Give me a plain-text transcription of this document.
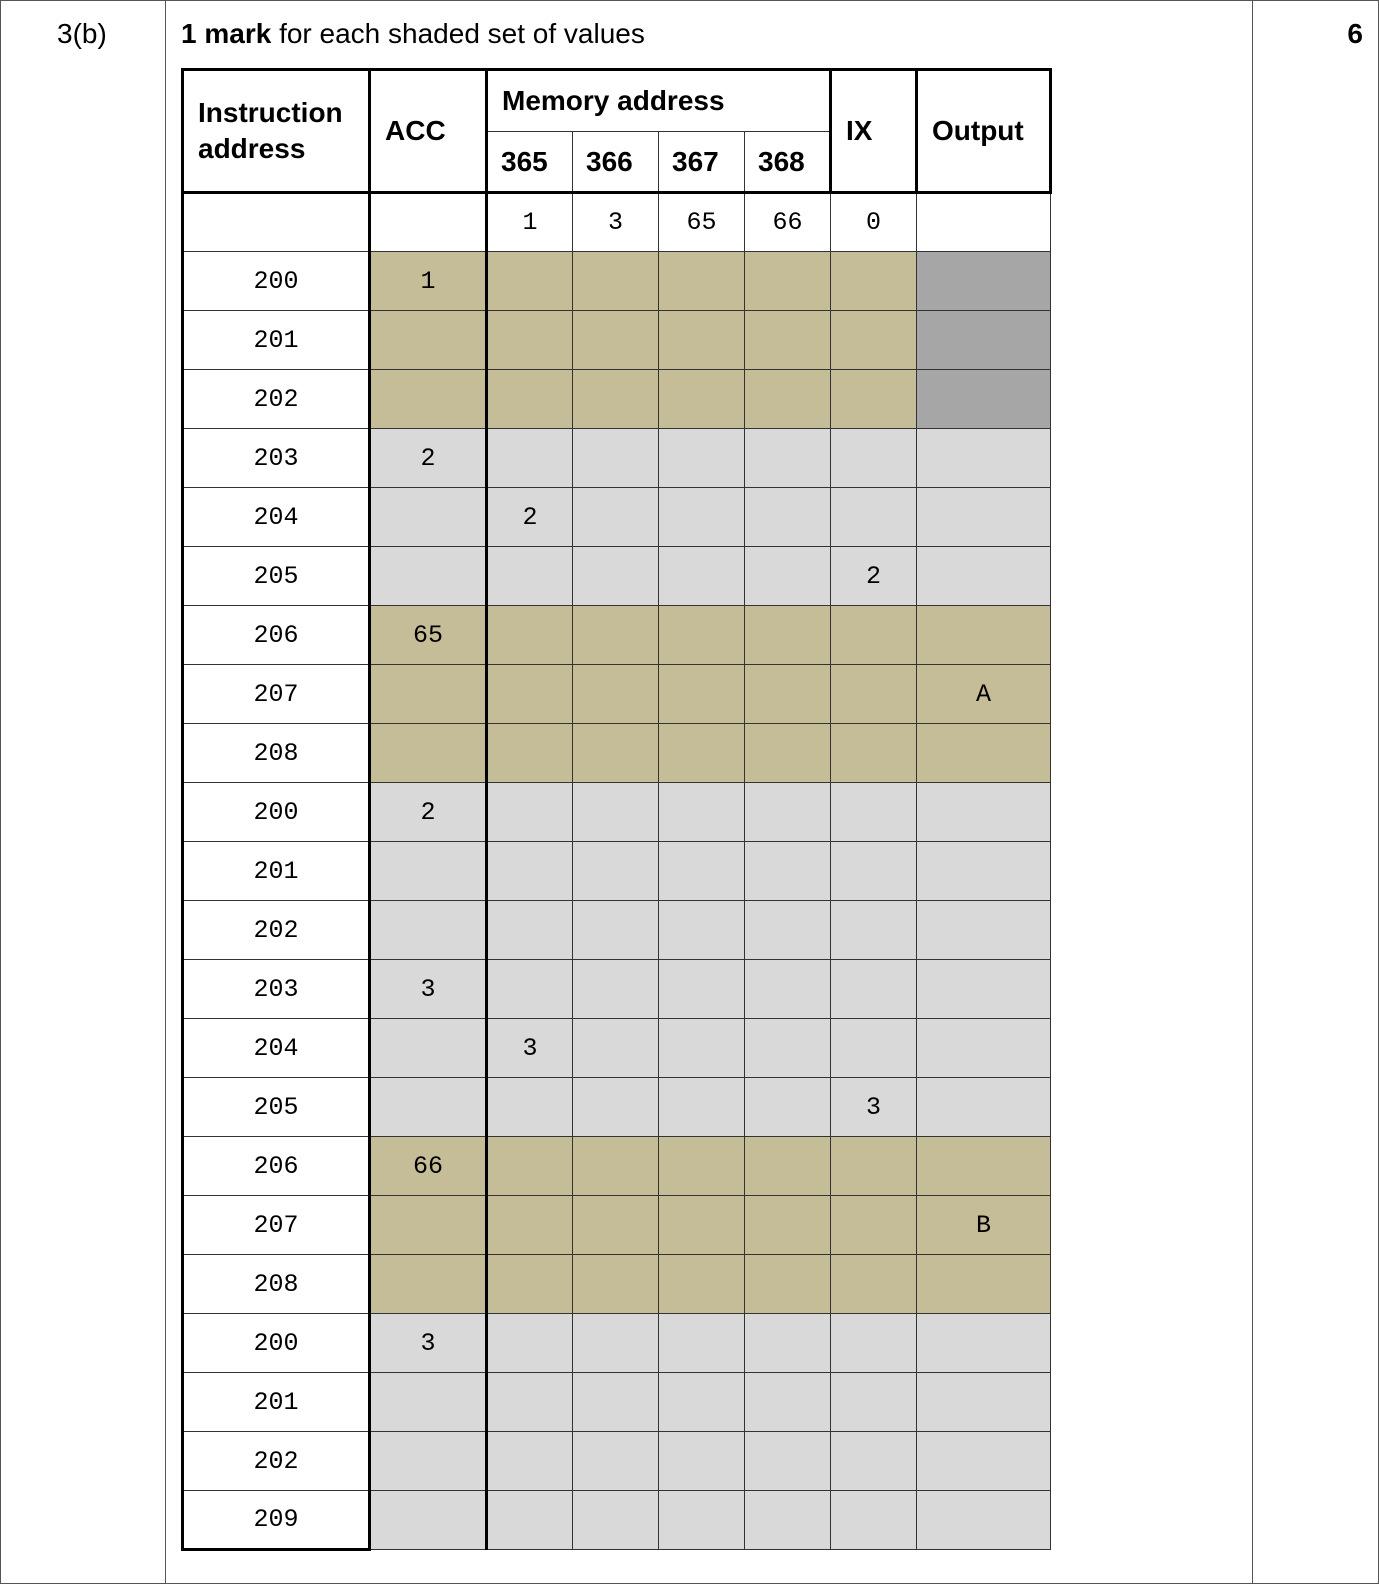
3(b)	6
1 mark for each shaded set of values
Instruction address	ACC	Memory address				IX	Output
		365	366	367	368		
		1	3	65	66	0	
200	1						
201							
202							
203	2						
204		2					
205						2	
206	65						
207							A
208							
200	2						
201							
202							
203	3						
204		3					
205						3	
206	66						
207							B
208							
200	3						
201							
202							
209							
